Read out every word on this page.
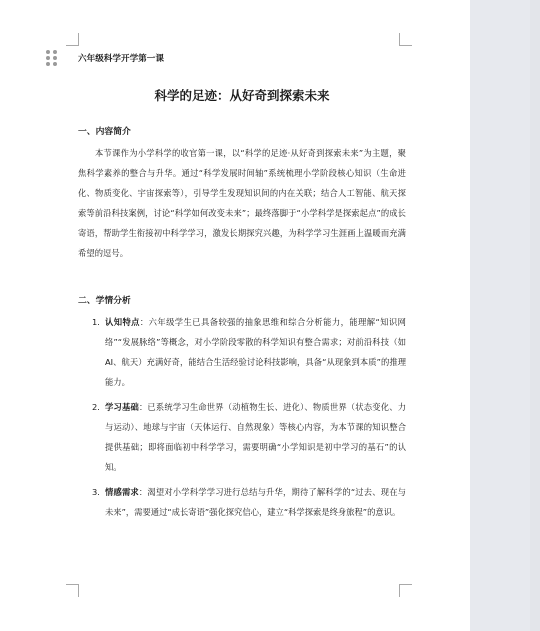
六年级科学开学第一课
科学的足迹：从好奇到探索未来
一、内容简介
本节课作为小学科学的收官第一课，以“科学的足迹·从好奇到探索未来”为主题，聚焦科学素养的整合与升华。通过“科学发展时间轴”系统梳理小学阶段核心知识（生命进化、物质变化、宇宙探索等），引导学生发现知识间的内在关联；结合人工智能、航天探索等前沿科技案例，讨论“科学如何改变未来”；最终落脚于“小学科学是探索起点”的成长寄语，帮助学生衔接初中科学学习，激发长期探究兴趣，为科学学习生涯画上温暖而充满希望的逗号。
二、学情分析
1. 认知特点：六年级学生已具备较强的抽象思维和综合分析能力，能理解“知识网络”“发展脉络”等概念，对小学阶段零散的科学知识有整合需求；对前沿科技（如 AI、航天）充满好奇，能结合生活经验讨论科技影响，具备“从现象到本质”的推理能力。
2. 学习基础：已系统学习生命世界（动植物生长、进化）、物质世界（状态变化、力与运动）、地球与宇宙（天体运行、自然现象）等核心内容，为本节课的知识整合提供基础；即将面临初中科学学习，需要明确“小学知识是初中学习的基石”的认知。
3. 情感需求：渴望对小学科学学习进行总结与升华，期待了解科学的“过去、现在与未来”，需要通过“成长寄语”强化探究信心，建立“科学探索是终身旅程”的意识。
